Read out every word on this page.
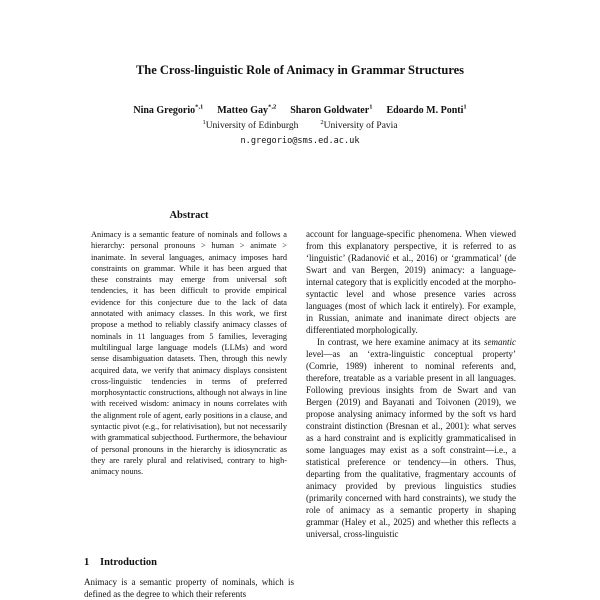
The Cross-linguistic Role of Animacy in Grammar Structures
Nina Gregorio$^{*,1}$ Matteo Gay$^{*,2}$ Sharon Goldwater$^1$ Edoardo M. Ponti$^1$
$^1$University of Edinburgh	$^2$University of Pavia
n.gregorio@sms.ed.ac.uk
Abstract

Animacy is a semantic feature of nominals and follows a hierarchy: personal pronouns > human > animate > inanimate. In several languages, animacy imposes hard constraints on grammar. While it has been argued that these constraints may emerge from universal soft tendencies, it has been difficult to provide empirical evidence for this conjecture due to the lack of data annotated with animacy classes. In this work, we first propose a method to reliably classify animacy classes of nominals in 11 languages from 5 families, leveraging multilingual large language models (LLMs) and word sense disambiguation datasets. Then, through this newly acquired data, we verify that animacy displays consistent cross-linguistic tendencies in terms of preferred morphosyntactic constructions, although not always in line with received wisdom: animacy in nouns correlates with the alignment role of agent, early positions in a clause, and syntactic pivot (e.g., for relativisation), but not necessarily with grammatical subjecthood. Furthermore, the behaviour of personal pronouns in the hierarchy is idiosyncratic as they are rarely plural and relativised, contrary to high-animacy nouns.

1 Introduction

Animacy is a semantic property of nominals, which is defined as the degree to which their referents

account for language-specific phenomena. When viewed from this explanatory perspective, it is referred to as ‘linguistic’ (Radanović et al., 2016) or ‘grammatical’ (de Swart and van Bergen, 2019) animacy: a language-internal category that is explicitly encoded at the morpho-syntactic level and whose presence varies across languages (most of which lack it entirely). For example, in Russian, animate and inanimate direct objects are differentiated morphologically.

In contrast, we here examine animacy at its semantic level—as an ‘extra-linguistic conceptual property’ (Comrie, 1989) inherent to nominal referents and, therefore, treatable as a variable present in all languages. Following previous insights from de Swart and van Bergen (2019) and Bayanati and Toivonen (2019), we propose analysing animacy informed by the soft vs hard constraint distinction (Bresnan et al., 2001): what serves as a hard constraint and is explicitly grammaticalised in some languages may exist as a soft constraint—i.e., a statistical preference or tendency—in others. Thus, departing from the qualitative, fragmentary accounts of animacy provided by previous linguistics studies (primarily concerned with hard constraints), we study the role of animacy as a semantic property in shaping grammar (Haley et al., 2025) and whether this reflects a universal, cross-linguistic
